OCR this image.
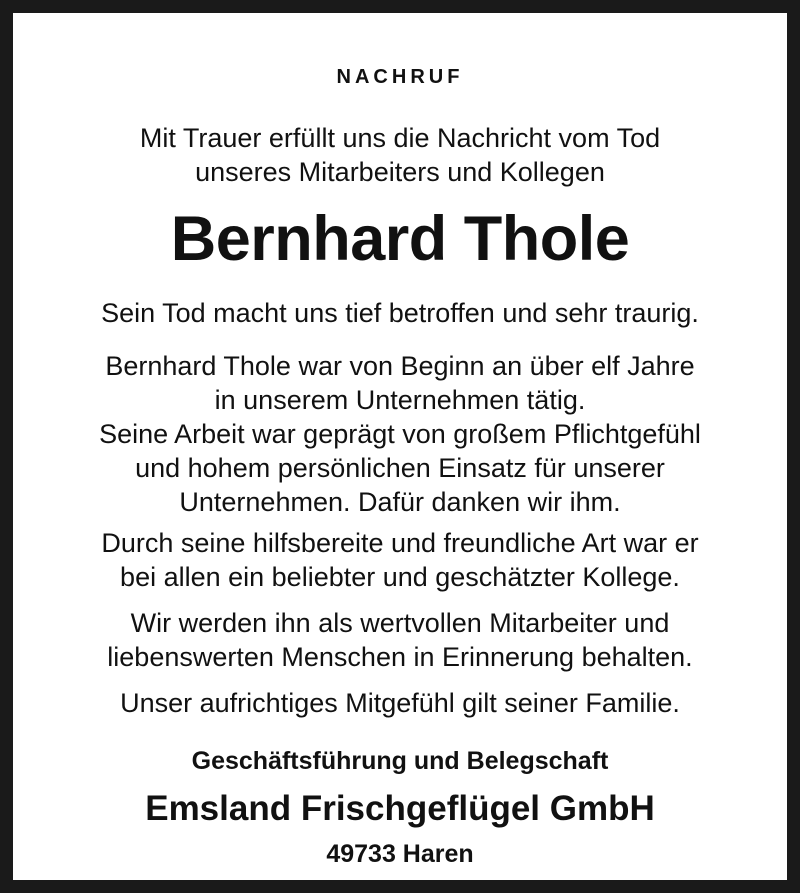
NACHRUF
Mit Trauer erfüllt uns die Nachricht vom Tod
unseres Mitarbeiters und Kollegen
Bernhard Thole
Sein Tod macht uns tief betroffen und sehr traurig.
Bernhard Thole war von Beginn an über elf Jahre
in unserem Unternehmen tätig.
Seine Arbeit war geprägt von großem Pflichtgefühl
und hohem persönlichen Einsatz für unserer
Unternehmen. Dafür danken wir ihm.
Durch seine hilfsbereite und freundliche Art war er
bei allen ein beliebter und geschätzter Kollege.
Wir werden ihn als wertvollen Mitarbeiter und
liebenswerten Menschen in Erinnerung behalten.
Unser aufrichtiges Mitgefühl gilt seiner Familie.
Geschäftsführung und Belegschaft
Emsland Frischgeflügel GmbH
49733 Haren
